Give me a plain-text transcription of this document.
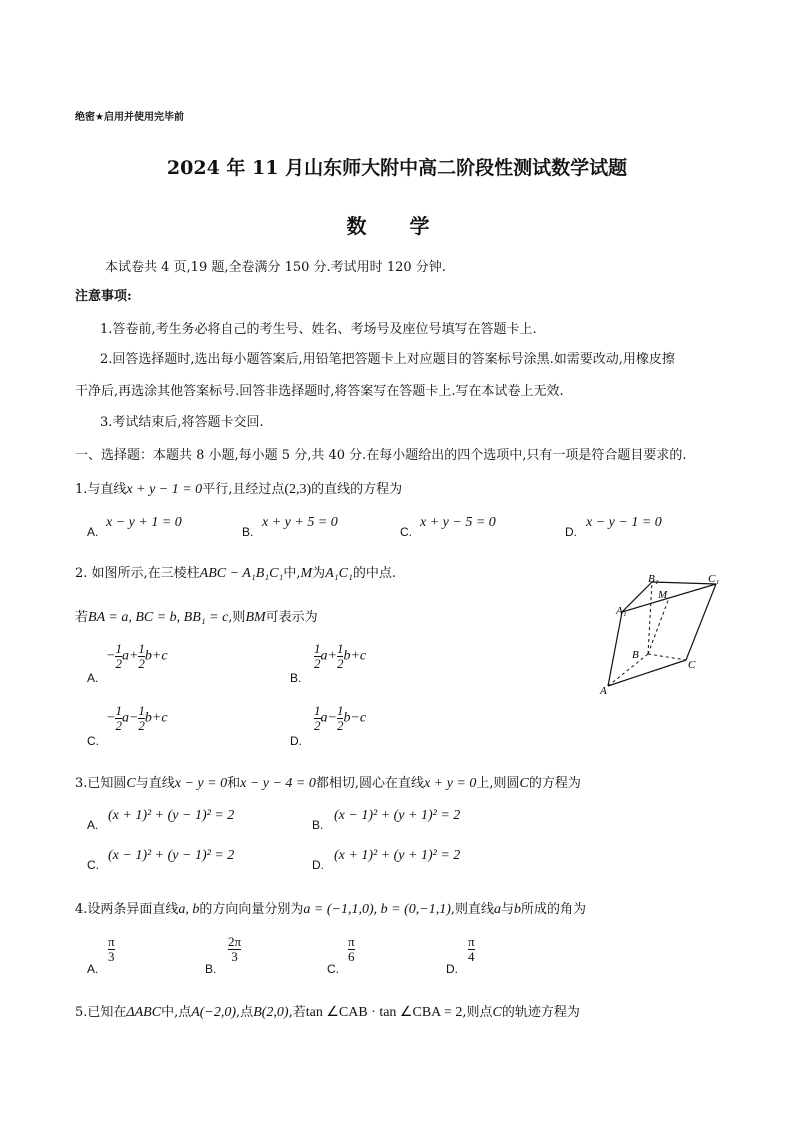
绝密★启用并使用完毕前
2024 年 11 月山东师大附中高二阶段性测试数学试题
数 学
本试卷共 4 页,19 题,全卷满分 150 分.考试用时 120 分钟.
注意事项:
1.答卷前,考生务必将自己的考生号、姓名、考场号及座位号填写在答题卡上.
2.回答选择题时,选出每小题答案后,用铅笔把答题卡上对应题目的答案标号涂黑.如需要改动,用橡皮擦
干净后,再选涂其他答案标号.回答非选择题时,将答案写在答题卡上.写在本试卷上无效.
3.考试结束后,将答题卡交回.
一、选择题：本题共 8 小题,每小题 5 分,共 40 分.在每小题给出的四个选项中,只有一项是符合题目要求的.
1.与直线x + y − 1 = 0平行,且经过点(2,3)的直线的方程为
A.
x − y + 1 = 0
B.
x + y + 5 = 0
C.
x + y − 5 = 0
D.
x − y − 1 = 0
2. 如图所示,在三棱柱ABC − A₁B₁C₁中,M为A₁C₁的中点.
若BA = a, BC = b, BB₁ = c,则BM可表示为
A.
− $\frac{1}{2} a+ \frac{1}{2} b+c$
B.
$\frac{1}{2} a+ \frac{1}{2} b+c$
C.
− $\frac{1}{2} a- \frac{1}{2} b+c$
D.
$\frac{1}{2} a- \frac{1}{2} b-c$
B₁	C₁
M
A₁
B
C
A
3.已知圆C与直线x − y = 0和x − y − 4 = 0都相切,圆心在直线x + y = 0上,则圆C的方程为
A.
(x + 1)² + (y − 1)² = 2
B.
(x − 1)² + (y + 1)² = 2
C.
(x − 1)² + (y − 1)² = 2
D.
(x + 1)² + (y + 1)² = 2
4.设两条异面直线a, b的方向向量分别为a = (−1,1,0), b = (0,−1,1),则直线a与b所成的角为
A.
$\frac{\pi}{3}$
B.
$\frac{2\pi}{3}$
C.
$\frac{\pi}{6}$
D.
$\frac{\pi}{4}$
5.已知在ΔABC中,点A(−2,0),点B(2,0),若tan ∠CAB · tan ∠CBA = 2,则点C的轨迹方程为
